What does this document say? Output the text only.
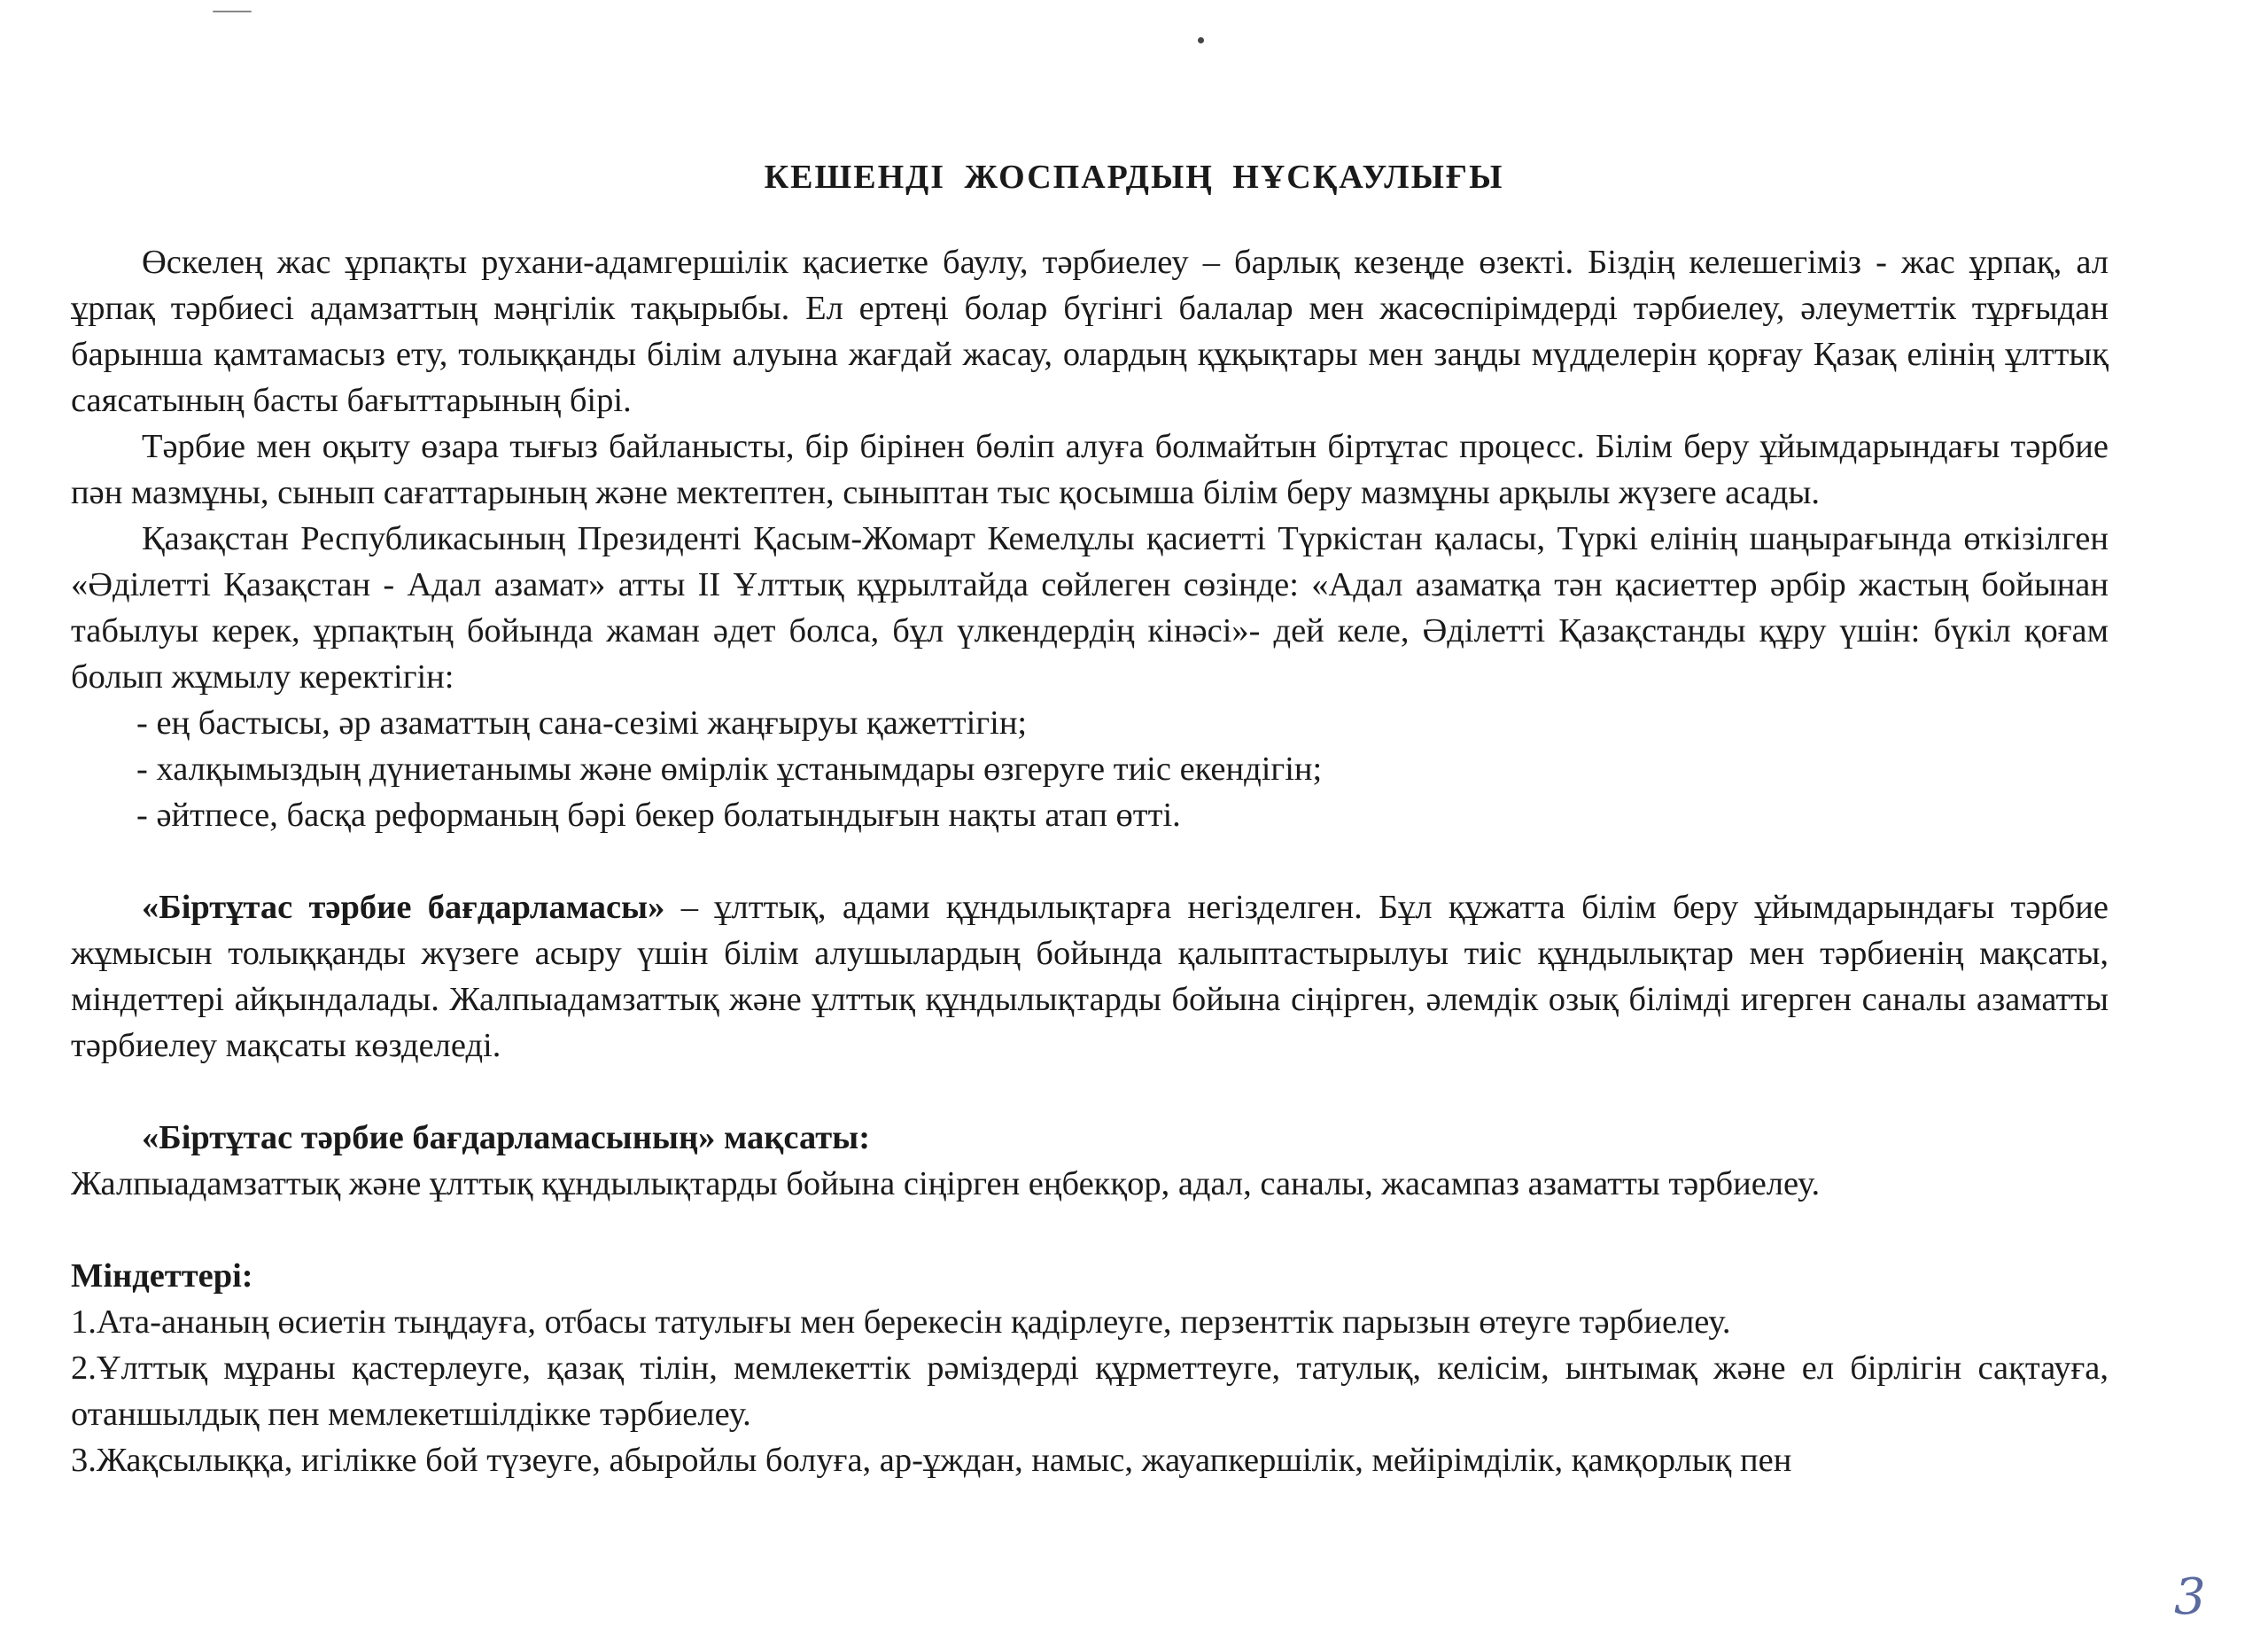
КЕШЕНДІ ЖОСПАРДЫҢ НҰСҚАУЛЫҒЫ

Өскелең жас ұрпақты рухани-адамгершілік қасиетке баулу, тәрбиелеу – барлық кезеңде өзекті. Біздің келешегіміз - жас ұрпақ, ал ұрпақ тәрбиесі адамзаттың мәңгілік тақырыбы. Ел ертеңі болар бүгінгі балалар мен жасөспірімдерді тәрбиелеу, әлеуметтік тұрғыдан барынша қамтамасыз ету, толыққанды білім алуына жағдай жасау, олардың құқықтары мен заңды мүдделерін қорғау Қазақ елінің ұлттық саясатының басты бағыттарының бірі.

Тәрбие мен оқыту өзара тығыз байланысты, бір бірінен бөліп алуға болмайтын біртұтас процесс. Білім беру ұйымдарындағы тәрбие пән мазмұны, сынып сағаттарының және мектептен, сыныптан тыс қосымша білім беру мазмұны арқылы жүзеге асады.

Қазақстан Республикасының Президенті Қасым-Жомарт Кемелұлы қасиетті Түркістан қаласы, Түркі елінің шаңырағында өткізілген «Әділетті Қазақстан - Адал азамат» атты ІІ Ұлттық құрылтайда сөйлеген сөзінде: «Адал азаматқа тән қасиеттер әрбір жастың бойынан табылуы керек, ұрпақтың бойында жаман әдет болса, бұл үлкендердің кінәсі»- дей келе, Әділетті Қазақстанды құру үшін: бүкіл қоғам болып жұмылу керектігін:

- ең бастысы, әр азаматтың сана-сезімі жаңғыруы қажеттігін;

- халқымыздың дүниетанымы және өмірлік ұстанымдары өзгеруге тиіс екендігін;

- әйтпесе, басқа реформаның бәрі бекер болатындығын нақты атап өтті.

«Біртұтас тәрбие бағдарламасы» – ұлттық, адами құндылықтарға негізделген. Бұл құжатта білім беру ұйымдарындағы тәрбие жұмысын толыққанды жүзеге асыру үшін білім алушылардың бойында қалыптастырылуы тиіс құндылықтар мен тәрбиенің мақсаты, міндеттері айқындалады. Жалпыадамзаттық және ұлттық құндылықтарды бойына сіңірген, әлемдік озық білімді игерген саналы азаматты тәрбиелеу мақсаты көзделеді.

«Біртұтас тәрбие бағдарламасының» мақсаты:

Жалпыадамзаттық және ұлттық құндылықтарды бойына сіңірген еңбекқор, адал, саналы, жасампаз азаматты тәрбиелеу.

Міндеттері:

1.Ата-ананың өсиетін тыңдауға, отбасы татулығы мен берекесін қадірлеуге, перзенттік парызын өтеуге тәрбиелеу.

2.Ұлттық мұраны қастерлеуге, қазақ тілін, мемлекеттік рәміздерді құрметтеуге, татулық, келісім, ынтымақ және ел бірлігін сақтауға, отаншылдық пен мемлекетшілдікке тәрбиелеу.

3.Жақсылыққа, игілікке бой түзеуге, абыройлы болуға, ар-ұждан, намыс, жауапкершілік, мейірімділік, қамқорлық пен

3
